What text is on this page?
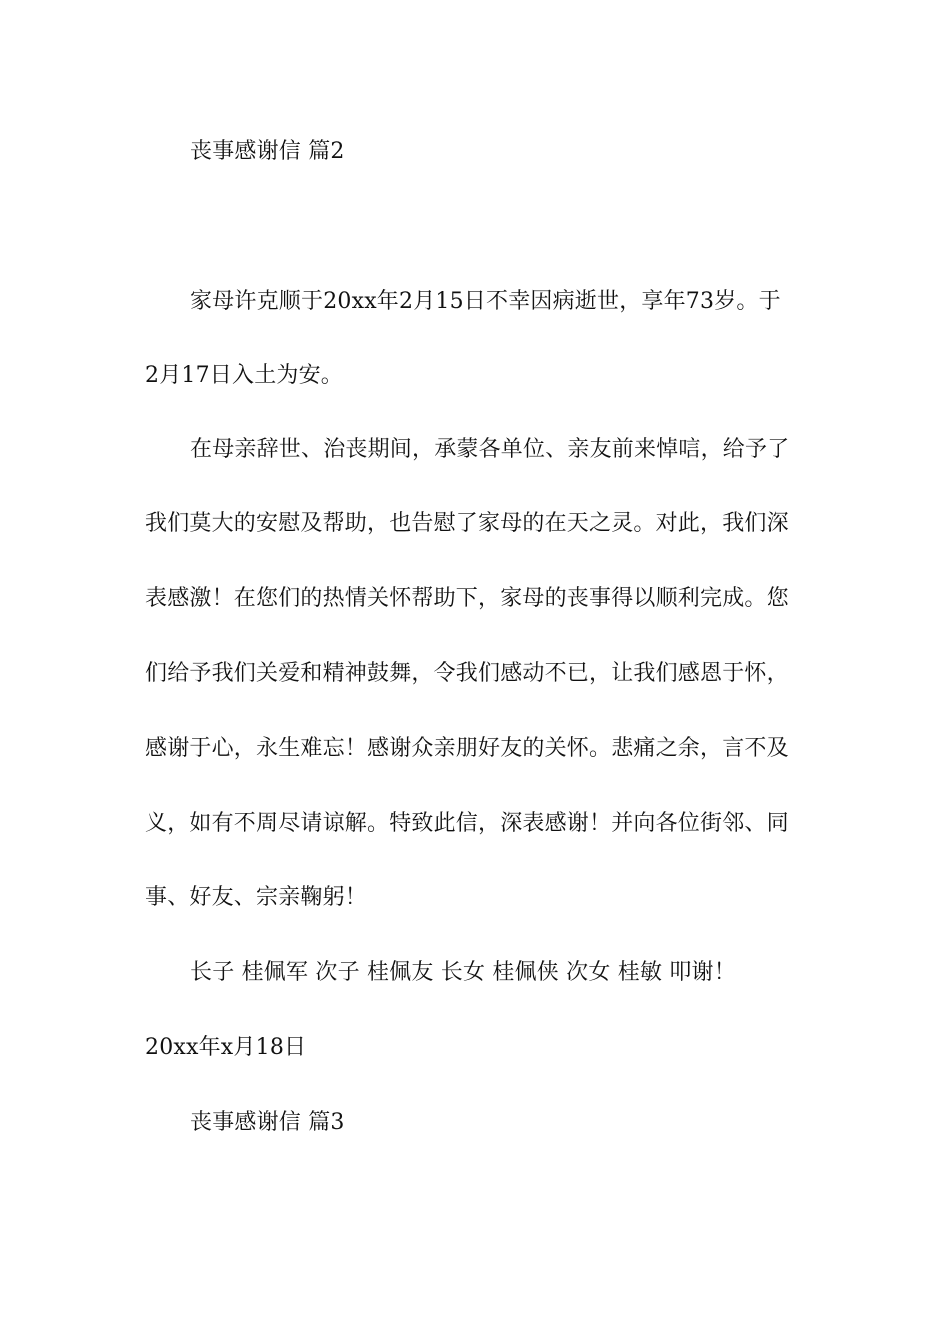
丧事感谢信 篇2
家母许克顺于20xx年2月15日不幸因病逝世，享年73岁。于
2月17日入土为安。
在母亲辞世、治丧期间，承蒙各单位、亲友前来悼唁，给予了
我们莫大的安慰及帮助，也告慰了家母的在天之灵。对此，我们深
表感激！在您们的热情关怀帮助下，家母的丧事得以顺利完成。您
们给予我们关爱和精神鼓舞，令我们感动不已，让我们感恩于怀，
感谢于心，永生难忘！感谢众亲朋好友的关怀。悲痛之余，言不及
义，如有不周尽请谅解。特致此信，深表感谢！并向各位街邻、同
事、好友、宗亲鞠躬！
长子 桂佩军 次子 桂佩友 长女 桂佩侠 次女 桂敏 叩谢！
20xx年x月18日
丧事感谢信 篇3
